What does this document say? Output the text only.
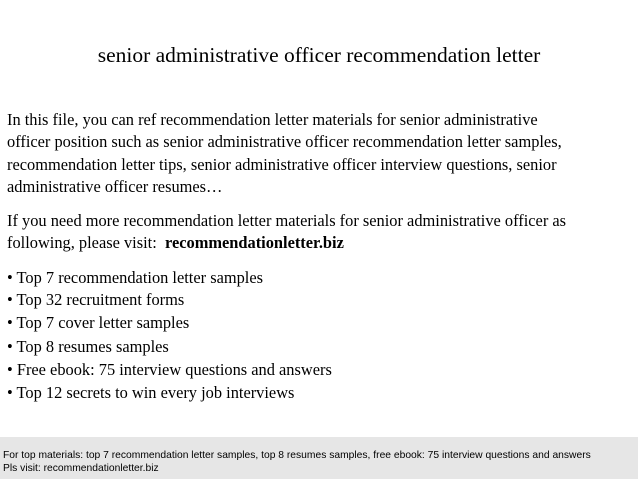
senior administrative officer recommendation letter

In this file, you can ref recommendation letter materials for senior administrative
officer position such as senior administrative officer recommendation letter samples,
recommendation letter tips, senior administrative officer interview questions, senior
administrative officer resumes…

If you need more recommendation letter materials for senior administrative officer as
following, please visit:  recommendationletter.biz

• Top 7 recommendation letter samples
• Top 32 recruitment forms
• Top 7 cover letter samples
• Top 8 resumes samples
• Free ebook: 75 interview questions and answers
• Top 12 secrets to win every job interviews
For top materials: top 7 recommendation letter samples, top 8 resumes samples, free ebook: 75 interview questions and answers
Pls visit: recommendationletter.biz
